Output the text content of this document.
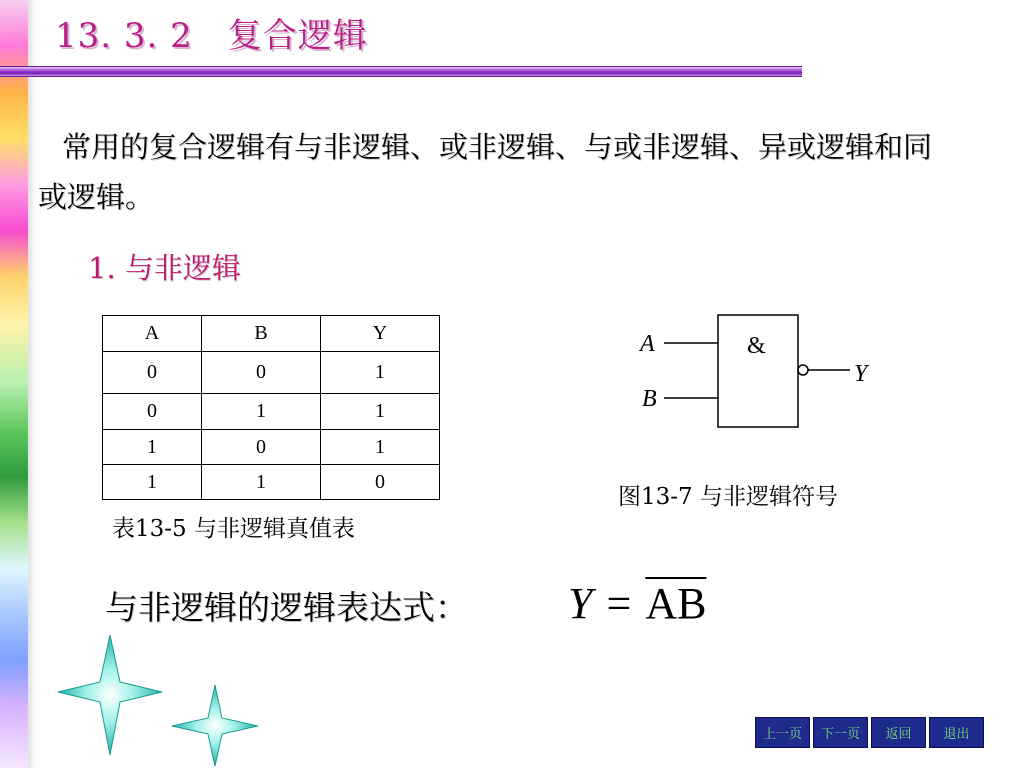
13. 3. 2　复合逻辑
常用的复合逻辑有与非逻辑、或非逻辑、与或非逻辑、异或逻辑和同或逻辑。
1. 与非逻辑
A	B	Y
0	0	1
0	1	1
1	0	1
1	1	0
表13-5 与非逻辑真值表
A
B
&
Y
图13-7 与非逻辑符号
与非逻辑的逻辑表达式： $Y = \overline{AB}$
上一页	下一页	返回	退出
